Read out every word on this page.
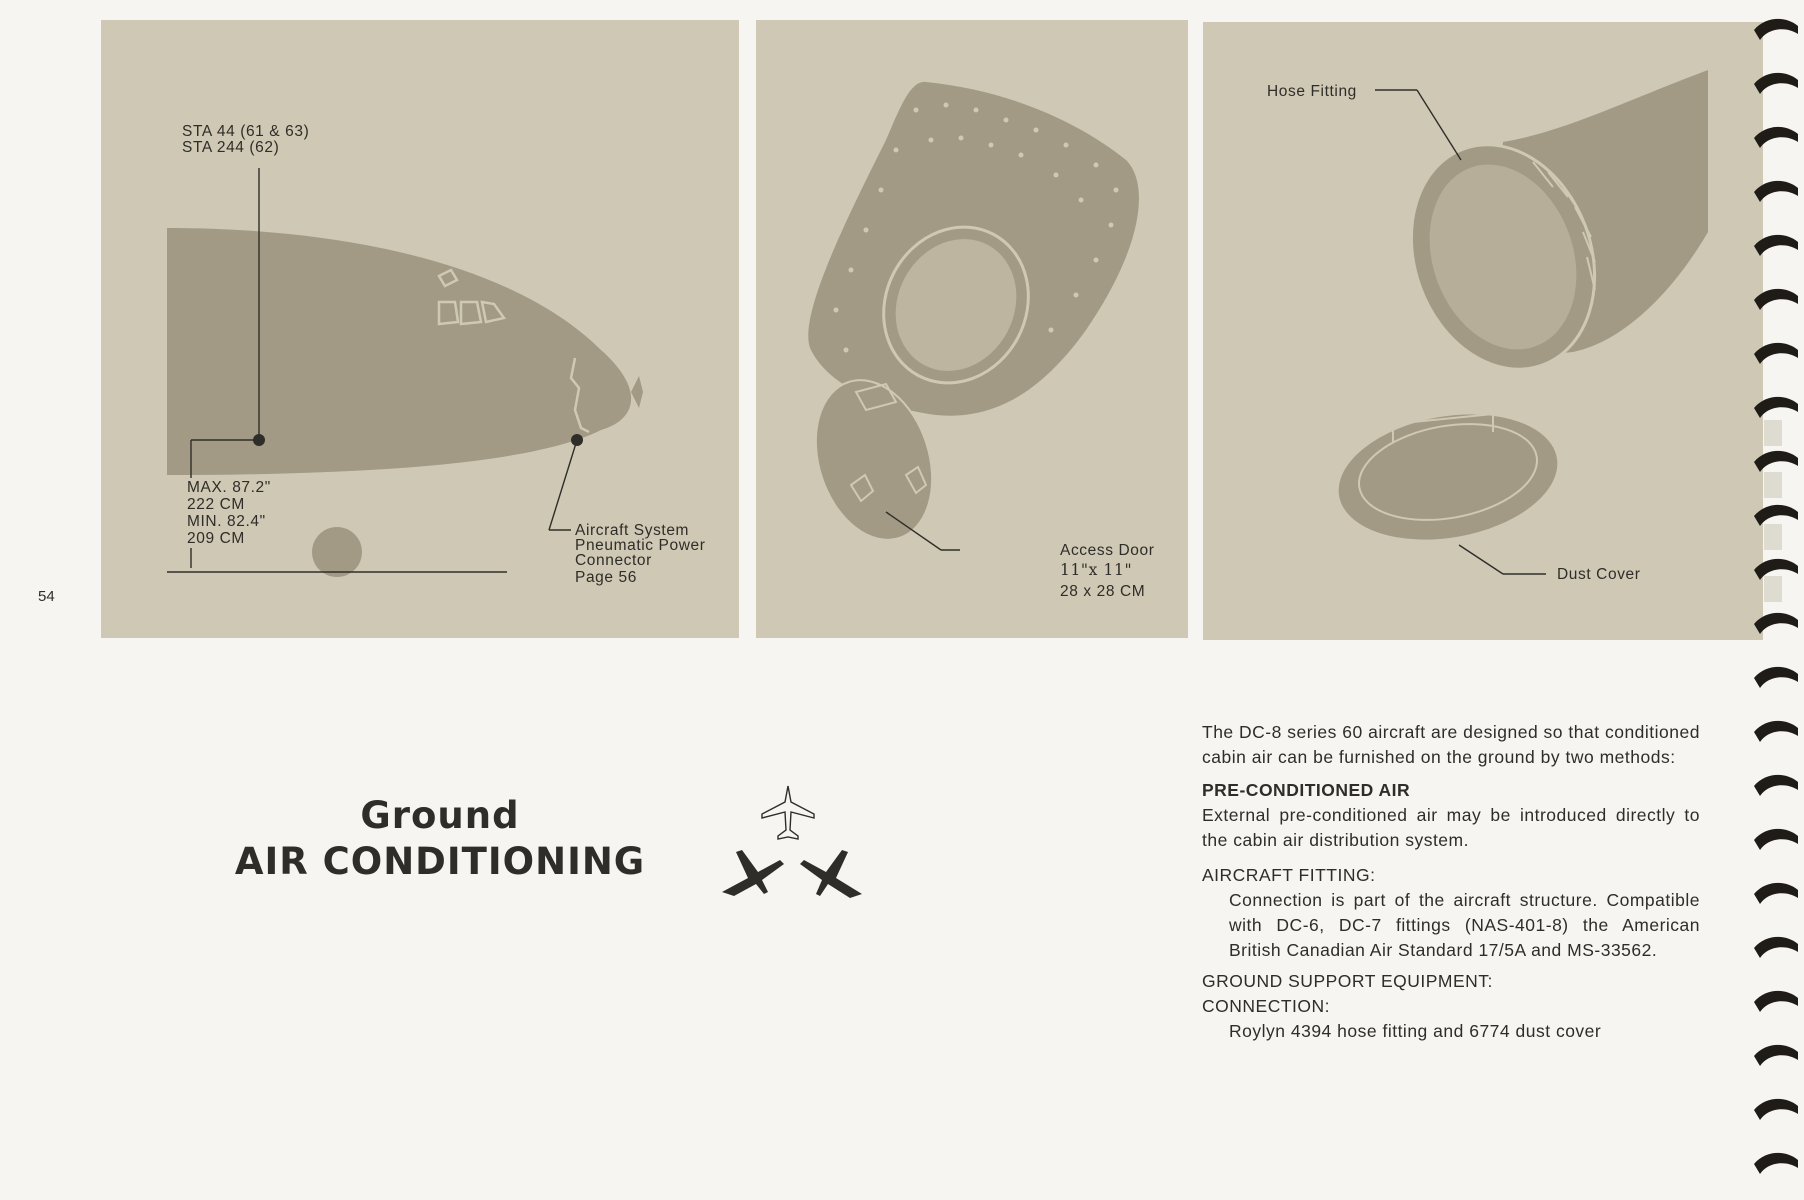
STA 44 (61 & 63)
STA 244 (62)
MAX. 87.2"
222 CM
MIN. 82.4"
209 CM	Aircraft System
Pneumatic Power
Connector
Page 56
Access Door
11"x 11"
28 x 28 CM
Hose Fitting
Dust Cover
54
Ground
AIR CONDITIONING

The DC-8 series 60 aircraft are designed so that conditioned cabin air can be furnished on the ground by two methods:

PRE-CONDITIONED AIR

External pre-conditioned air may be introduced directly to the cabin air distribution system.

AIRCRAFT FITTING:

Connection is part of the aircraft structure. Compatible with DC-6, DC-7 fittings (NAS-401-8) the American British Canadian Air Standard 17/5A and MS-33562.

GROUND SUPPORT EQUIPMENT:

CONNECTION:

Roylyn 4394 hose fitting and 6774 dust cover
